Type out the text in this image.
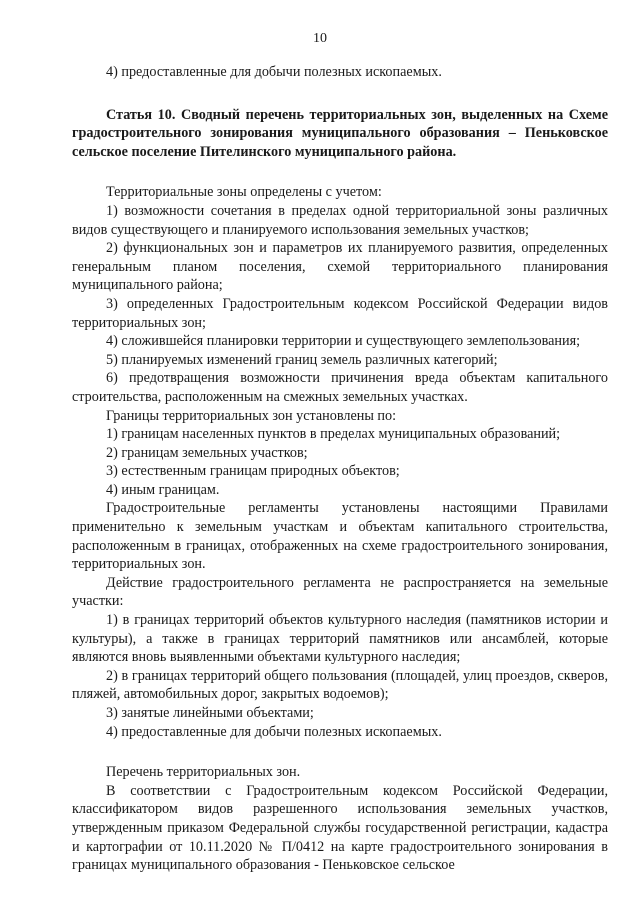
10

4) предоставленные для добычи полезных ископаемых.

Статья 10. Сводный перечень территориальных зон, выделенных на Схеме градостроительного зонирования муниципального образования – Пеньковское сельское поселение Пителинского муниципального района.

Территориальные зоны определены с учетом:

1) возможности сочетания в пределах одной территориальной зоны различных видов существующего и планируемого использования земельных участков;

2) функциональных зон и параметров их планируемого развития, определенных генеральным планом поселения, схемой территориального планирования муниципального района;

3) определенных Градостроительным кодексом Российской Федерации видов территориальных зон;

4) сложившейся планировки территории и существующего землепользования;

5) планируемых изменений границ земель различных категорий;

6) предотвращения возможности причинения вреда объектам капитального строительства, расположенным на смежных земельных участках.

Границы территориальных зон установлены по:

1) границам населенных пунктов в пределах муниципальных образований;

2) границам земельных участков;

3) естественным границам природных объектов;

4) иным границам.

Градостроительные регламенты установлены настоящими Правилами применительно к земельным участкам и объектам капитального строительства, расположенным в границах, отображенных на схеме градостроительного зонирования, территориальных зон.

Действие градостроительного регламента не распространяется на земельные участки:

1) в границах территорий объектов культурного наследия (памятников истории и культуры), а также в границах территорий памятников или ансамблей, которые являются вновь выявленными объектами культурного наследия;

2) в границах территорий общего пользования (площадей, улиц проездов, скверов, пляжей, автомобильных дорог, закрытых водоемов);

3) занятые линейными объектами;

4) предоставленные для добычи полезных ископаемых.

Перечень территориальных зон.

В соответствии с Градостроительным кодексом Российской Федерации, классификатором видов разрешенного использования земельных участков, утвержденным приказом Федеральной службы государственной регистрации, кадастра и картографии от 10.11.2020 № П/0412 на карте градостроительного зонирования в границах муниципального образования - Пеньковское сельское
